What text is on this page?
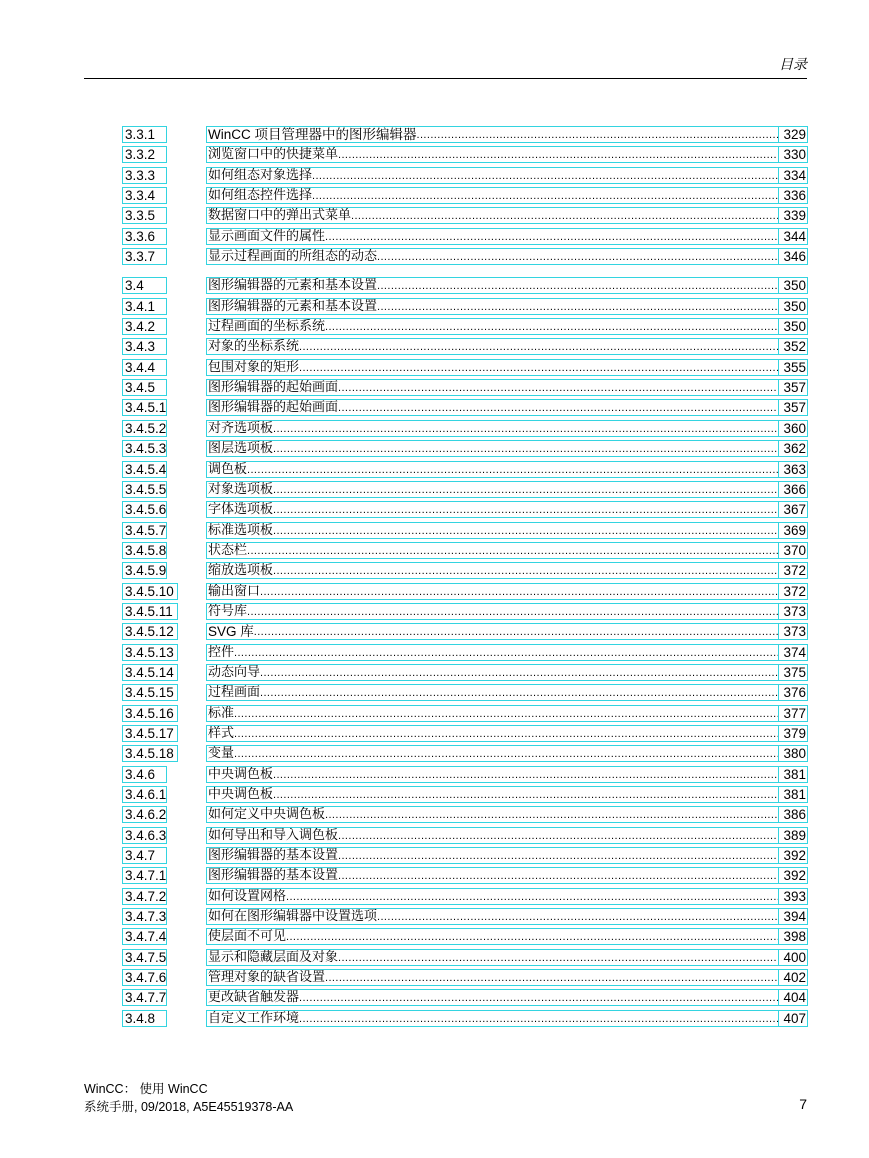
目录
3.3.1	WinCC 项目管理器中的图形编辑器 .....	329
3.3.2	浏览窗口中的快捷菜单 .....	330
3.3.3	如何组态对象选择 .....	334
3.3.4	如何组态控件选择 .....	336
3.3.5	数据窗口中的弹出式菜单 .....	339
3.3.6	显示画面文件的属性 .....	344
3.3.7	显示过程画面的所组态的动态 .....	346
3.4	图形编辑器的元素和基本设置 .....	350
3.4.1	图形编辑器的元素和基本设置 .....	350
3.4.2	过程画面的坐标系统 .....	350
3.4.3	对象的坐标系统 .....	352
3.4.4	包围对象的矩形 .....	355
3.4.5	图形编辑器的起始画面 .....	357
3.4.5.1	图形编辑器的起始画面 .....	357
3.4.5.2	对齐选项板 .....	360
3.4.5.3	图层选项板 .....	362
3.4.5.4	调色板 .....	363
3.4.5.5	对象选项板 .....	366
3.4.5.6	字体选项板 .....	367
3.4.5.7	标准选项板 .....	369
3.4.5.8	状态栏 .....	370
3.4.5.9	缩放选项板 .....	372
3.4.5.10	输出窗口 .....	372
3.4.5.11	符号库 .....	373
3.4.5.12	SVG 库 .....	373
3.4.5.13	控件 .....	374
3.4.5.14	动态向导 .....	375
3.4.5.15	过程画面 .....	376
3.4.5.16	标准 .....	377
3.4.5.17	样式 .....	379
3.4.5.18	变量 .....	380
3.4.6	中央调色板 .....	381
3.4.6.1	中央调色板 .....	381
3.4.6.2	如何定义中央调色板 .....	386
3.4.6.3	如何导出和导入调色板 .....	389
3.4.7	图形编辑器的基本设置 .....	392
3.4.7.1	图形编辑器的基本设置 .....	392
3.4.7.2	如何设置网格 .....	393
3.4.7.3	如何在图形编辑器中设置选项 .....	394
3.4.7.4	使层面不可见 .....	398
3.4.7.5	显示和隐藏层面及对象 .....	400
3.4.7.6	管理对象的缺省设置 .....	402
3.4.7.7	更改缺省触发器 .....	404
3.4.8	自定义工作环境 .....	407
WinCC： 使用 WinCC
系统手册, 09/2018, A5E45519378-AA	7
